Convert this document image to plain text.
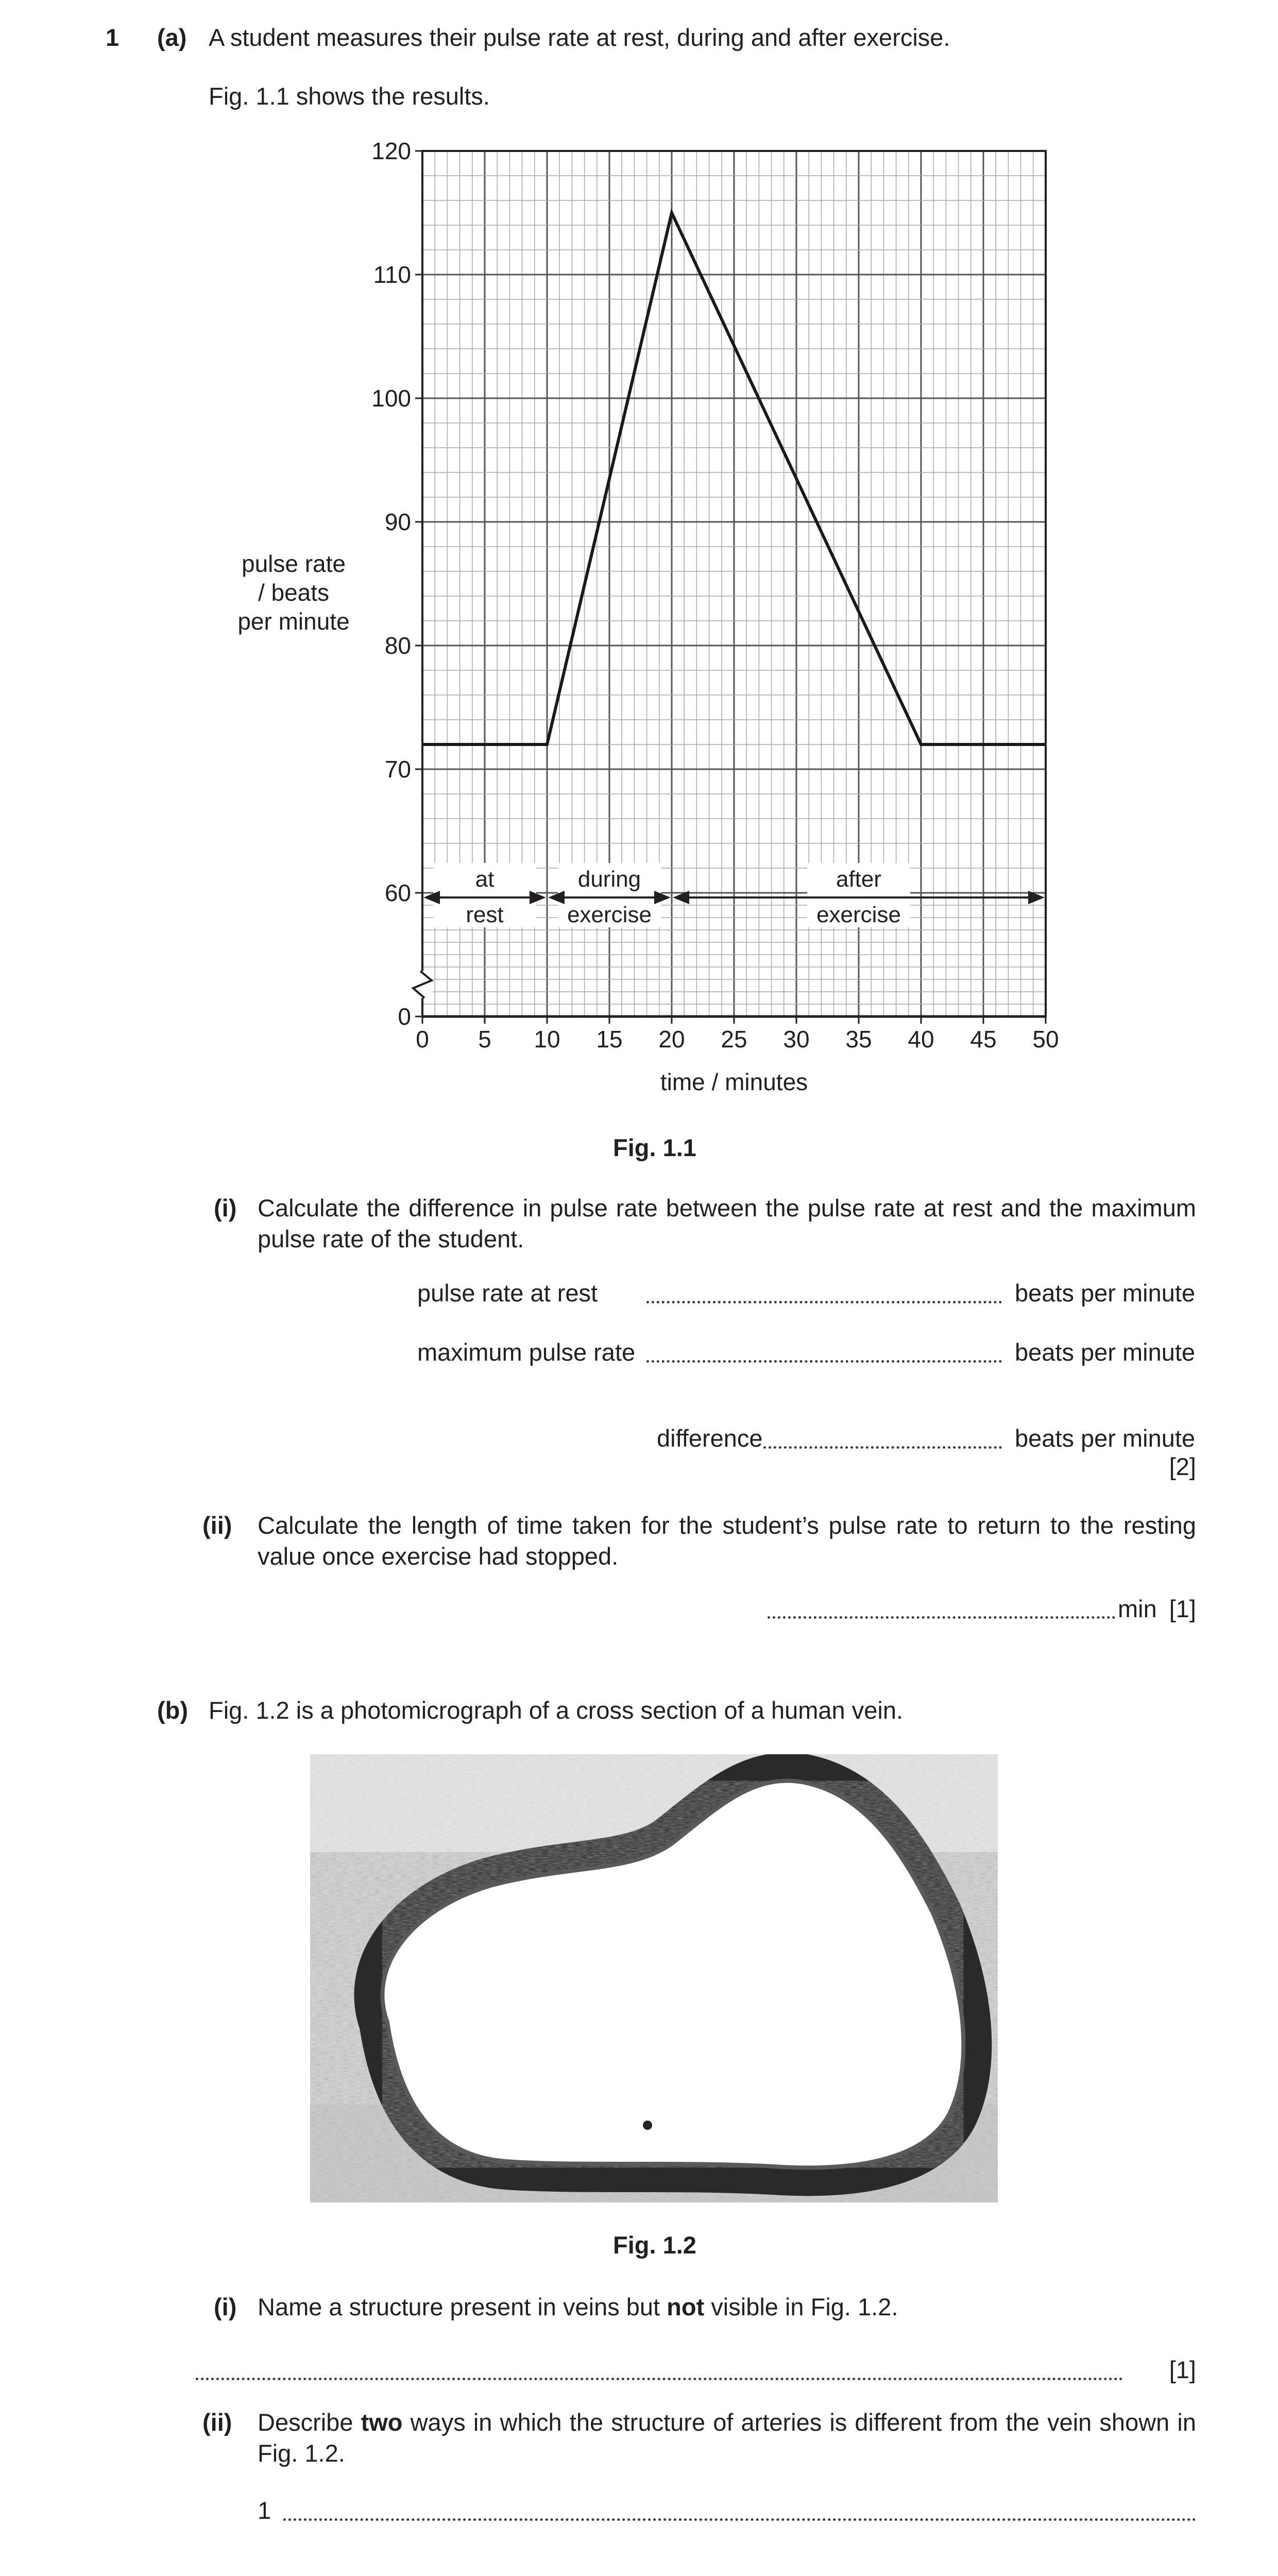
1 (a) A student measures their pulse rate at rest, during and after exercise.
Fig. 1.1 shows the results.
0
60
70
80
90
100
110
120
0 5 10 15 20 25 30 35 40 45 50
time / minutes
pulse rate
/ beats
per minute
at
rest
during
exercise
after
exercise
Fig. 1.1
(i) Calculate the difference in pulse rate between the pulse rate at rest and the maximum pulse rate of the student.
pulse rate at rest	beats per minute
maximum pulse rate	beats per minute
difference	beats per minute
[2]
(ii) Calculate the length of time taken for the student’s pulse rate to return to the resting value once exercise had stopped.
min [1]
(b) Fig. 1.2 is a photomicrograph of a cross section of a human vein.
Fig. 1.2
(i) Name a structure present in veins but not visible in Fig. 1.2.
[1]
(ii) Describe two ways in which the structure of arteries is different from the vein shown in Fig. 1.2.
1
